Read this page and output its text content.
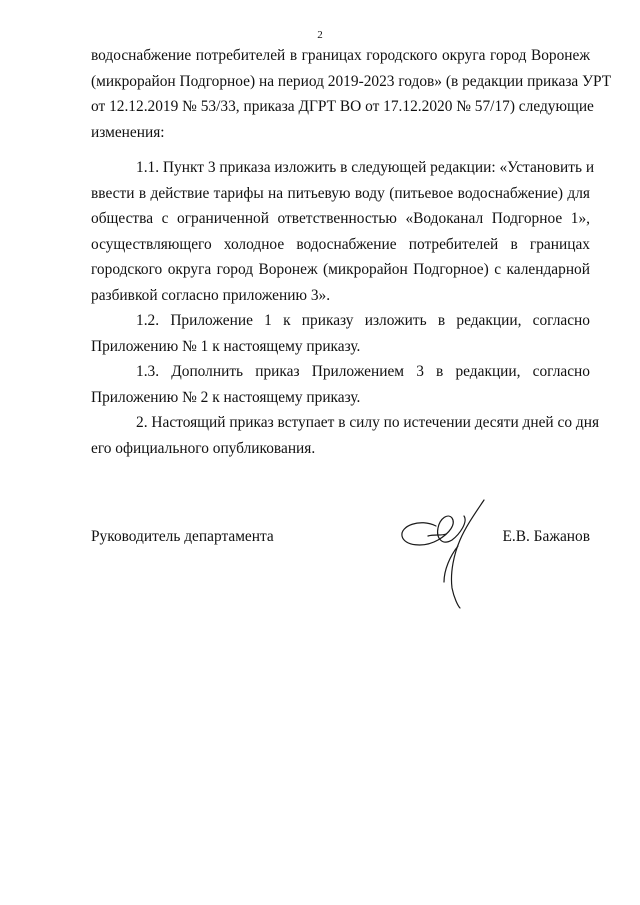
2
водоснабжение потребителей в границах городского округа город Воронеж
(микрорайон Подгорное) на период 2019-2023 годов» (в редакции приказа УРТ
от 12.12.2019 № 53/33, приказа ДГРТ ВО от 17.12.2020 № 57/17) следующие
изменения:
1.1. Пункт 3 приказа изложить в следующей редакции: «Установить и
ввести в действие тарифы на питьевую воду (питьевое водоснабжение) для
общества с ограниченной ответственностью «Водоканал Подгорное 1»,
осуществляющего холодное водоснабжение потребителей в границах
городского округа город Воронеж (микрорайон Подгорное) с календарной
разбивкой согласно приложению 3».
1.2. Приложение 1 к приказу изложить в редакции, согласно
Приложению № 1 к настоящему приказу.
1.3. Дополнить приказ Приложением 3 в редакции, согласно
Приложению № 2 к настоящему приказу.
2. Настоящий приказ вступает в силу по истечении десяти дней со дня
его официального опубликования.
Руководитель департамента	Е.В. Бажанов
